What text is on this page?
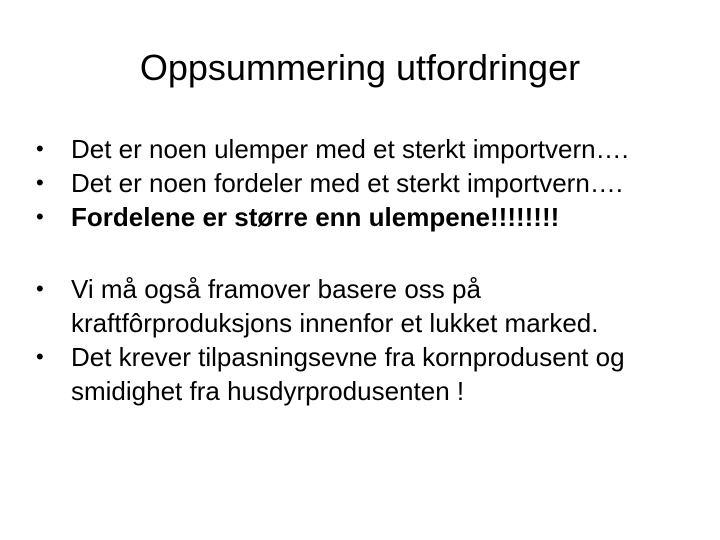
Oppsummering utfordringer
•	Det er noen ulemper med et sterkt importvern….
•	Det er noen fordeler med et sterkt importvern….
•	Fordelene er større enn ulempene!!!!!!!!
•	Vi må også framover basere oss på kraftfôrproduksjons innenfor et lukket marked.
•	Det krever tilpasningsevne fra kornprodusent og smidighet fra husdyrprodusenten !
